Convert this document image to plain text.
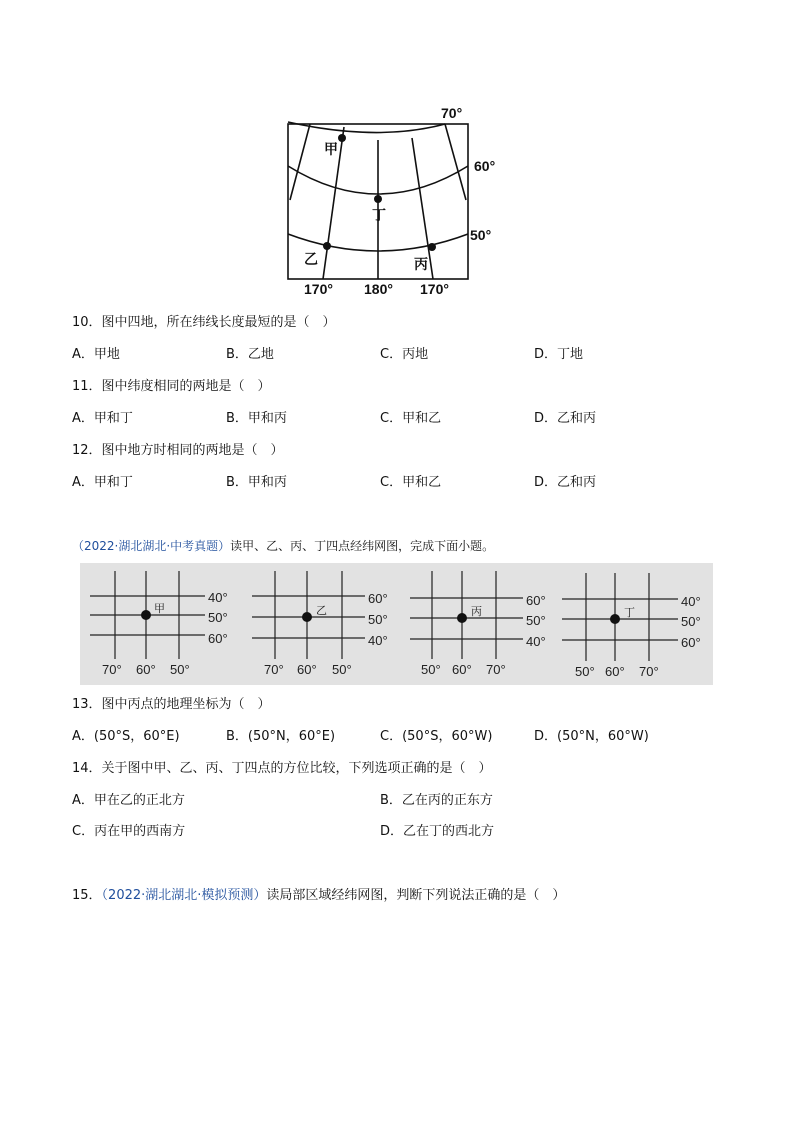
70°
60°
50°
170° 180° 170°
甲
丁
乙	丙
10．图中四地，所在纬线长度最短的是（　）
A．甲地	B．乙地	C．丙地	D．丁地
11．图中纬度相同的两地是（　）
A．甲和丁	B．甲和丙	C．甲和乙	D．乙和丙
12．图中地方时相同的两地是（　）
A．甲和丁	B．甲和丙	C．甲和乙	D．乙和丙
（2022·湖北湖北·中考真题）读甲、乙、丙、丁四点经纬网图，完成下面小题。
甲
40°
50°
60°
70° 60° 50°
乙
60°
50°
40°
70° 60° 50°
丙
60°
50°
40°
50° 60° 70°
丁
40°
50°
60°
50° 60° 70°
13．图中丙点的地理坐标为（　）
A．(50°S，60°E)	B．(50°N，60°E)	C．(50°S，60°W)	D．(50°N，60°W)
14．关于图中甲、乙、丙、丁四点的方位比较，下列选项正确的是（　）
A．甲在乙的正北方	B．乙在丙的正东方
C．丙在甲的西南方	D．乙在丁的西北方
15．（2022·湖北湖北·模拟预测）读局部区域经纬网图，判断下列说法正确的是（　）
